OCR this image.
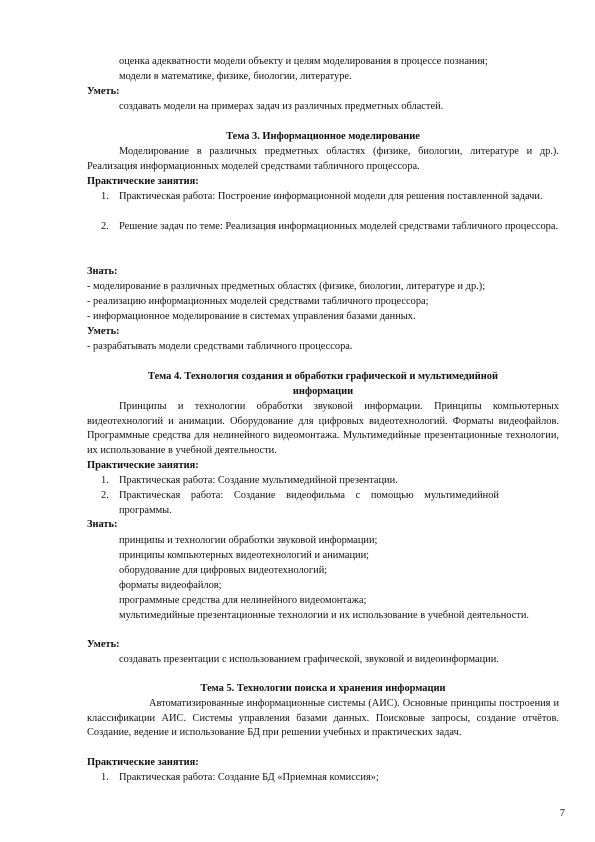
оценка адекватности модели объекту и целям моделирования в процессе познания;
модели в математике, физике, биологии, литературе.
Уметь:
создавать модели на примерах задач из различных предметных областей.
Тема 3. Информационное моделирование
Моделирование в различных предметных областях (физике, биологии, литературе и др.). Реализация информационных моделей средствами табличного процессора.
Практические занятия:
1. Практическая работа: Построение информационной модели для решения поставленной задачи.
2. Решение задач по теме: Реализация информационных моделей средствами табличного процессора.
Знать:
- моделирование в различных предметных областях (физике, биологии, литературе и др.);
- реализацию информационных моделей средствами табличного процессора;
- информационное моделирование в системах управления базами данных.
Уметь:
- разрабатывать модели средствами табличного процессора.
Тема 4. Технология создания и обработки графической и мультимедийной информации
Принципы и технологии обработки звуковой информации. Принципы компьютерных видеотехнологий и анимации. Оборудование для цифровых видеотехнологий. Форматы видеофайлов. Программные средства для нелинейного видеомонтажа. Мультимедийные презентационные технологии, их использование в учебной деятельности.
Практические занятия:
1. Практическая работа: Создание мультимедийной презентации.
2. Практическая работа: Создание видеофильма с помощью мультимедийной программы.
Знать:
принципы и технологии обработки звуковой информации;
принципы компьютерных видеотехнологий и анимации;
оборудование для цифровых видеотехнологий;
форматы видеофайлов;
программные средства для нелинейного видеомонтажа;
мультимедийные презентационные технологии и их использование в учебной деятельности.
Уметь:
создавать презентации с использованием графической, звуковой и видеоинформации.
Тема 5. Технологии поиска и хранения информации
Автоматизированные информационные системы (АИС). Основные принципы построения и классификации АИС. Системы управления базами данных. Поисковые запросы, создание отчётов. Создание, ведение и использование БД при решении учебных и практических задач.
Практические занятия:
1. Практическая работа: Создание БД «Приемная комиссия»;
7
